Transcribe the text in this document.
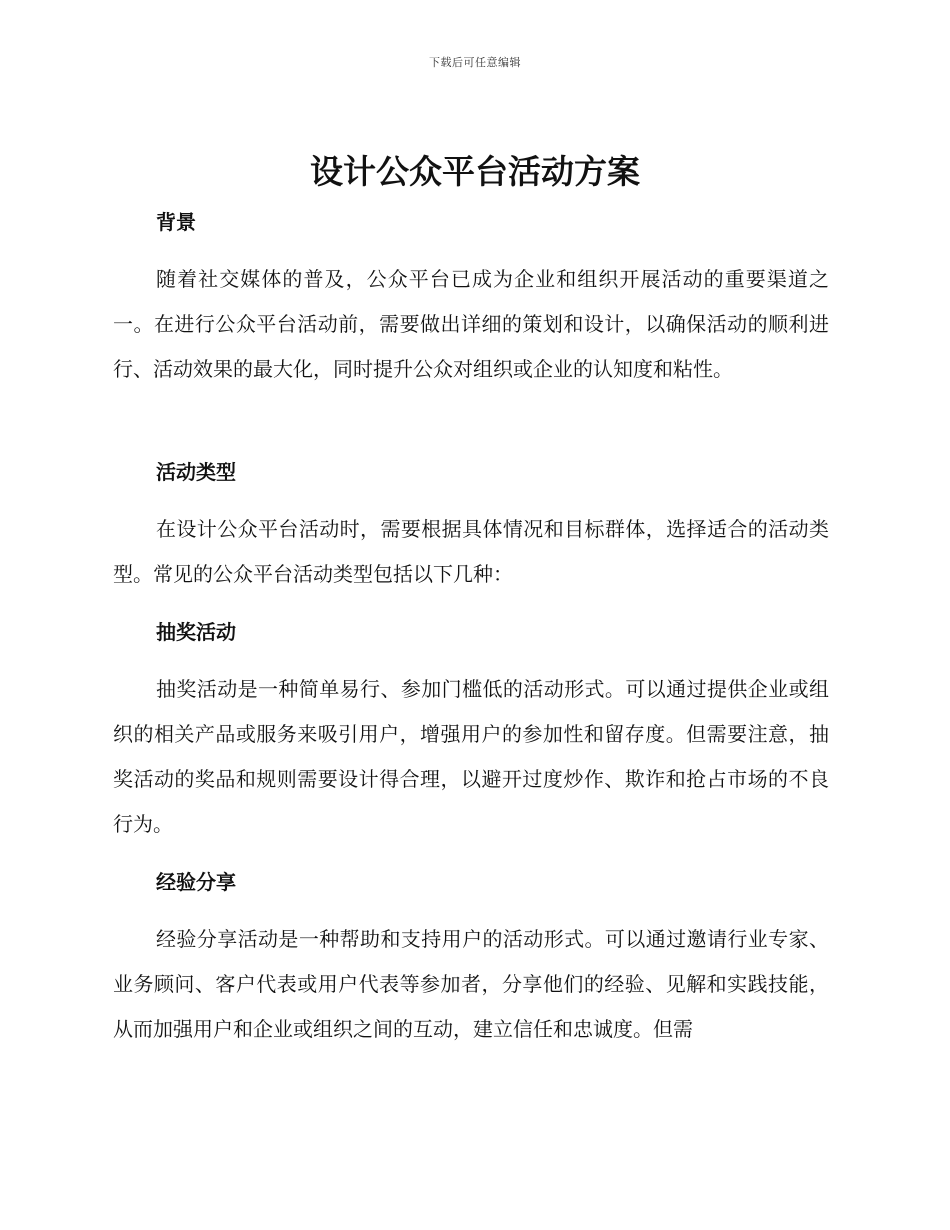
下载后可任意编辑
设计公众平台活动方案
背景

随着社交媒体的普及，公众平台已成为企业和组织开展活动的重要渠道之一。在进行公众平台活动前，需要做出详细的策划和设计，以确保活动的顺利进行、活动效果的最大化，同时提升公众对组织或企业的认知度和粘性。

活动类型

在设计公众平台活动时，需要根据具体情况和目标群体，选择适合的活动类型。常见的公众平台活动类型包括以下几种：

抽奖活动

抽奖活动是一种简单易行、参加门槛低的活动形式。可以通过提供企业或组织的相关产品或服务来吸引用户，增强用户的参加性和留存度。但需要注意，抽奖活动的奖品和规则需要设计得合理，以避开过度炒作、欺诈和抢占市场的不良行为。

经验分享

经验分享活动是一种帮助和支持用户的活动形式。可以通过邀请行业专家、业务顾问、客户代表或用户代表等参加者，分享他们的经验、见解和实践技能，从而加强用户和企业或组织之间的互动，建立信任和忠诚度。但需
